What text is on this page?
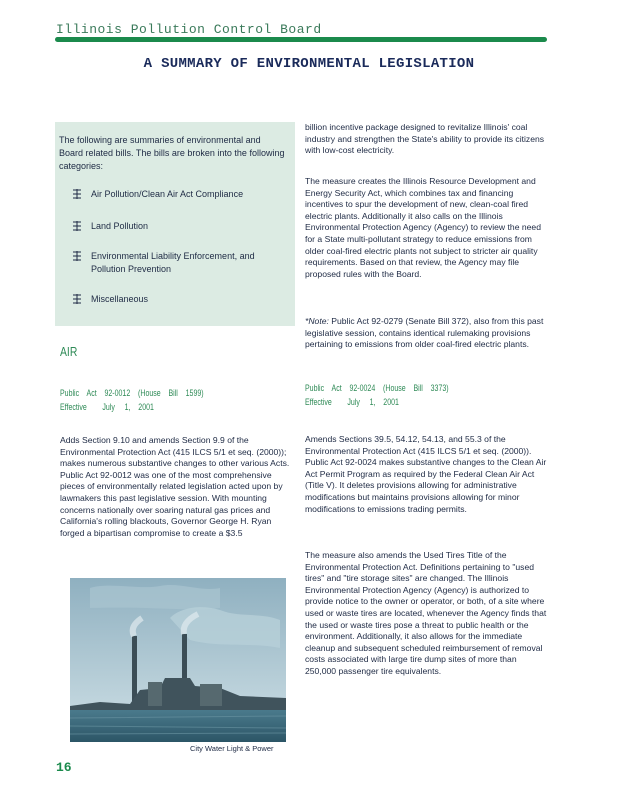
Illinois Pollution Control Board
A SUMMARY OF ENVIRONMENTAL LEGISLATION
The following are summaries of environmental and Board related bills. The bills are broken into the following categories:
Air Pollution/Clean Air Act Compliance
Land Pollution
Environmental Liability Enforcement, and Pollution Prevention
Miscellaneous
AIR
Public    Act    92-0012    (House    Bill    1599)
Effective        July     1,    2001
Adds Section 9.10 and amends Section 9.9 of the Environmental Protection Act (415 ILCS 5/1 et seq. (2000)); makes numerous substantive changes to other various Acts. Public Act 92-0012 was one of the most comprehensive pieces of environmentally related legislation acted upon by lawmakers this past legislative session. With mounting concerns nationally over soaring natural gas prices and California's rolling blackouts, Governor George H. Ryan forged a bipartisan compromise to create a $3.5
City Water Light & Power
billion incentive package designed to revitalize Illinois' coal industry and strengthen the State's ability to provide its citizens with low-cost electricity.
The measure creates the Illinois Resource Development and Energy Security Act, which combines tax and financing incentives to spur the development of new, clean-coal fired electric plants. Additionally it also calls on the Illinois Environmental Protection Agency (Agency) to review the need for a State multi-pollutant strategy to reduce emissions from older coal-fired electric plants not subject to stricter air quality requirements. Based on that review, the Agency may file proposed rules with the Board.
*Note: Public Act 92-0279 (Senate Bill 372), also from this past legislative session, contains identical rulemaking provisions pertaining to emissions from older coal-fired electric plants.
Public    Act    92-0024    (House    Bill    3373)
Effective        July     1,    2001
Amends Sections 39.5, 54.12, 54.13, and 55.3 of the Environmental Protection Act (415 ILCS 5/1 et seq. (2000)). Public Act 92-0024 makes substantive changes to the Clean Air Act Permit Program as required by the Federal Clean Air Act (Title V). It deletes provisions allowing for administrative modifications but maintains provisions allowing for minor modifications to emissions trading permits.
The measure also amends the Used Tires Title of the Environmental Protection Act. Definitions pertaining to "used tires" and "tire storage sites" are changed. The Illinois Environmental Protection Agency (Agency) is authorized to provide notice to the owner or operator, or both, of a site where used or waste tires are located, whenever the Agency finds that the used or waste tires pose a threat to public health or the environment. Additionally, it also allows for the immediate cleanup and subsequent scheduled reimbursement of removal costs associated with large tire dump sites of more than 250,000 passenger tire equivalents.
16
